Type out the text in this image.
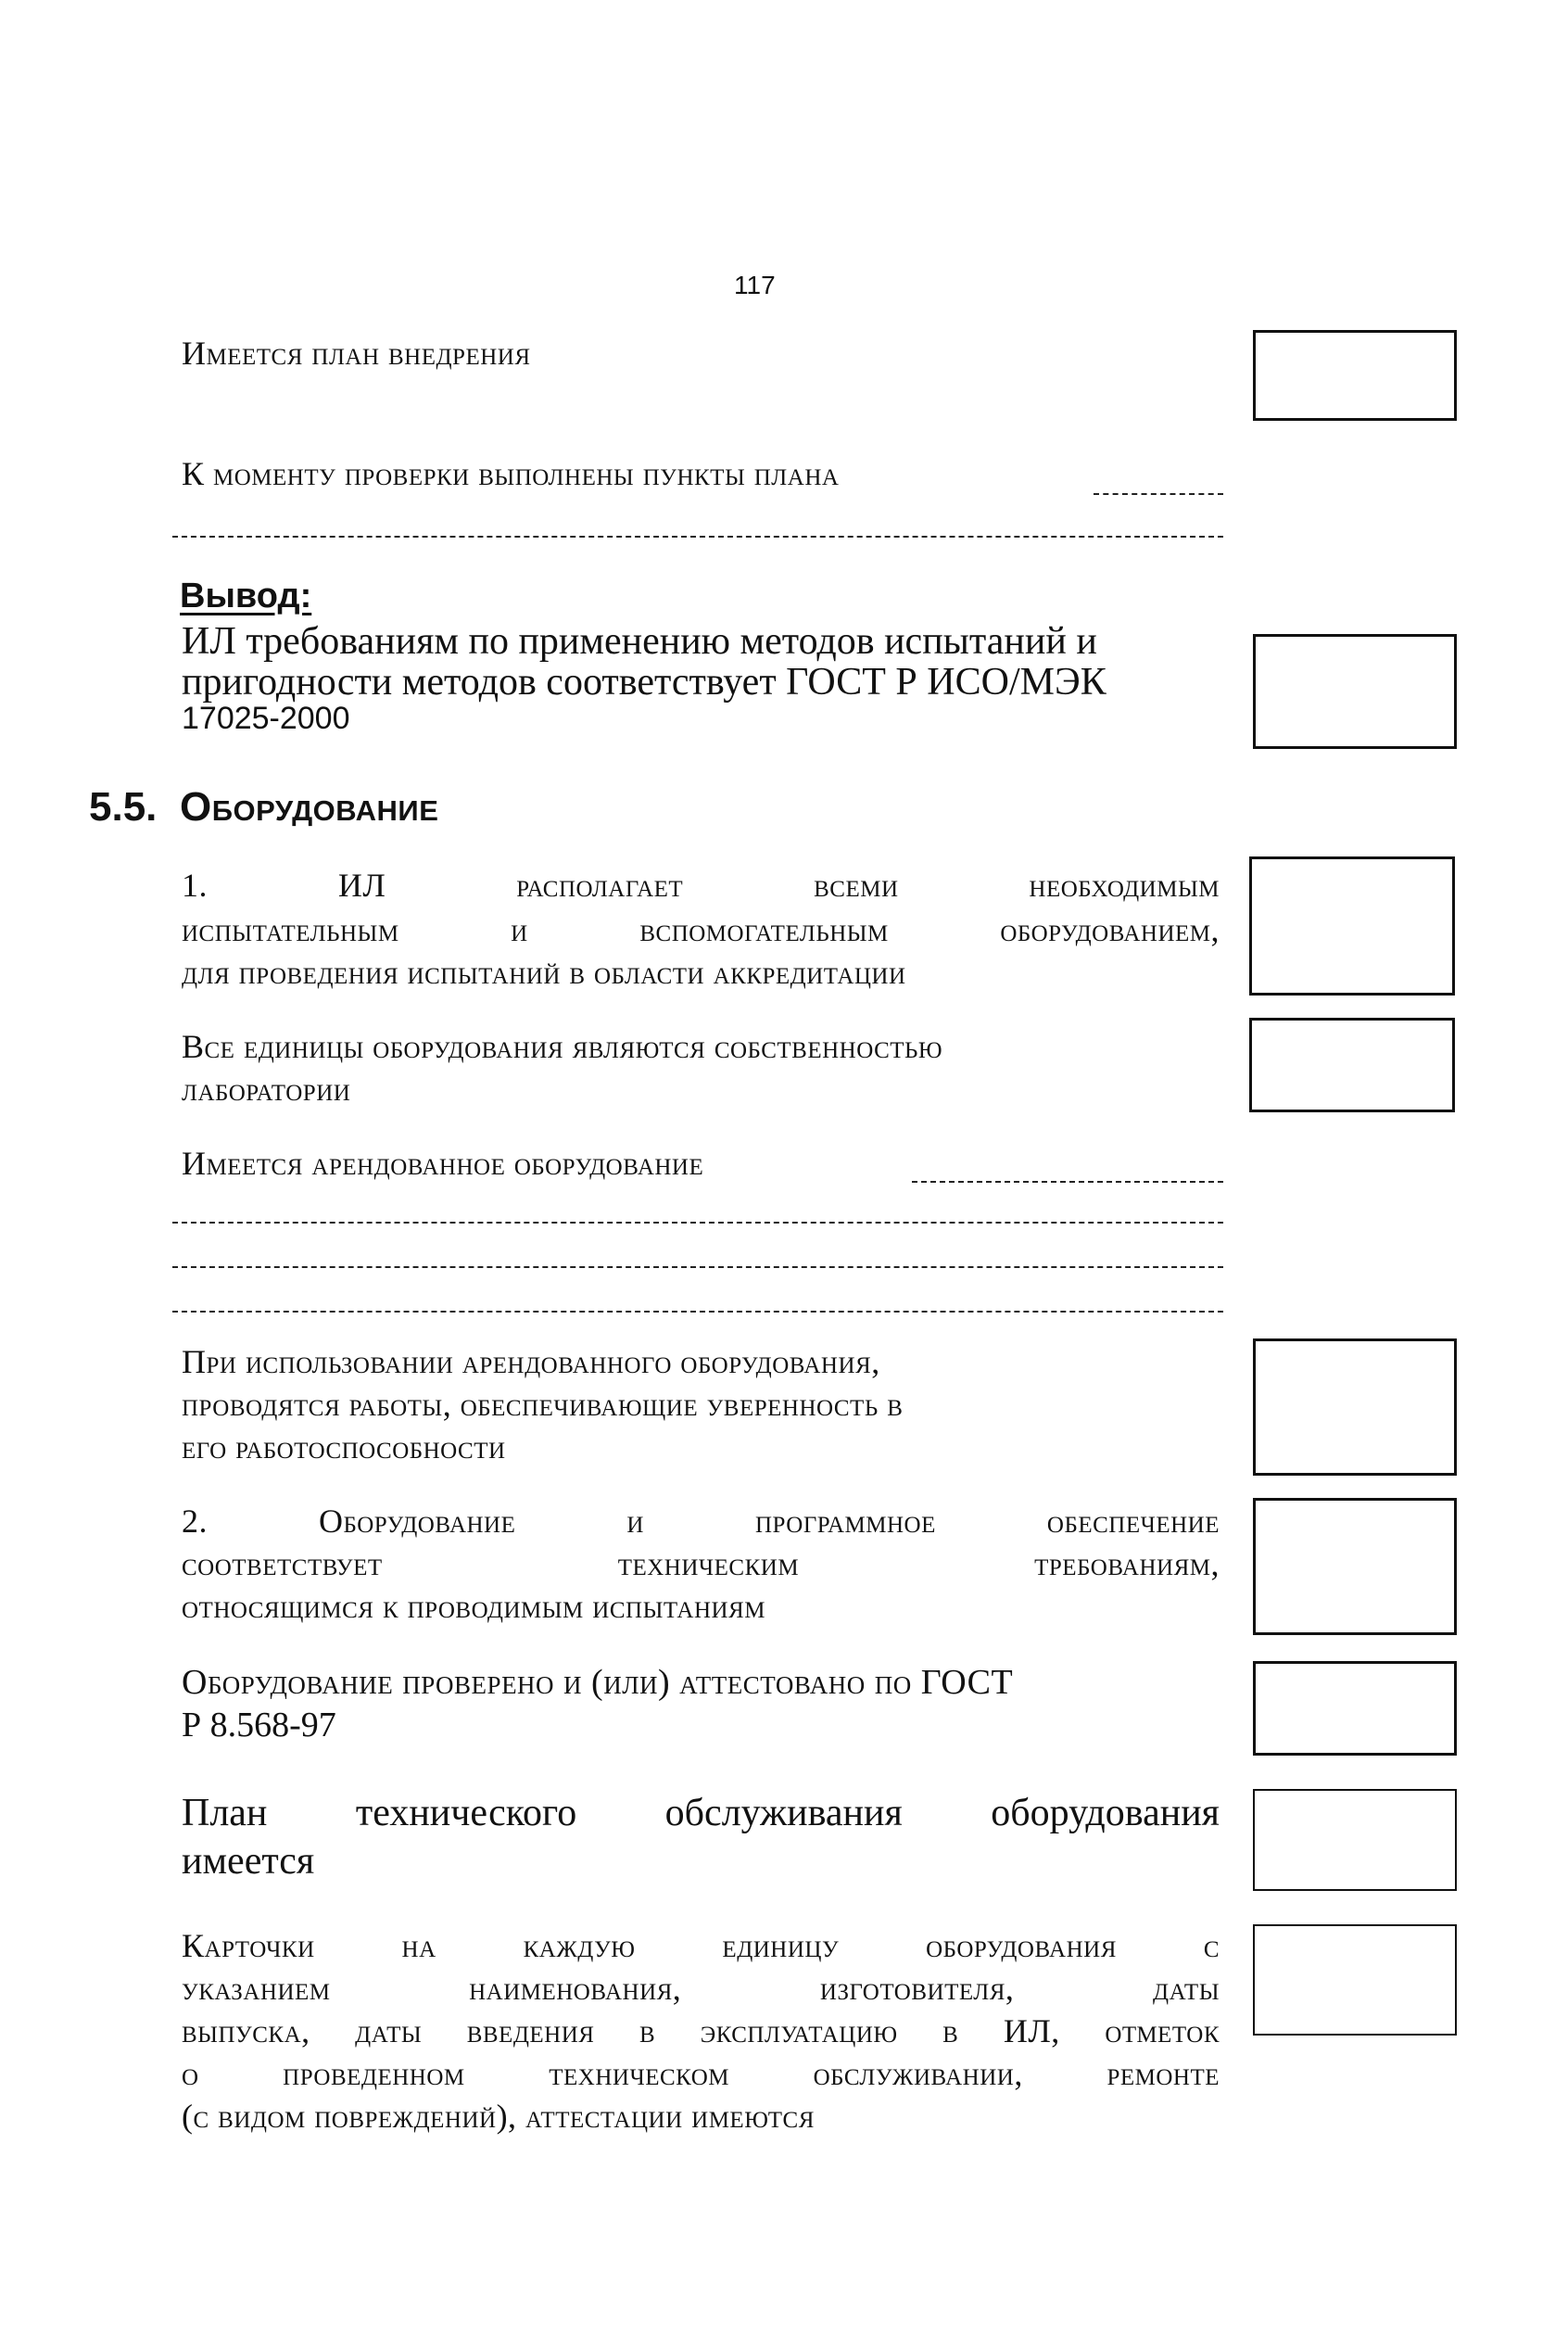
117
Имеется план внедрения
К моменту проверки выполнены пункты плана
Вывод:
ИЛ требованиям по применению методов испытаний и
пригодности методов соответствует ГОСТ Р ИСО/МЭК
17025-2000
5.5. Оборудование
1. ИЛ располагает всеми необходимым
испытательным и вспомогательным оборудованием,
для проведения испытаний в области аккредитации
Все единицы оборудования являются собственностью
лаборатории
Имеется арендованное оборудование
При использовании арендованного оборудования,
проводятся работы, обеспечивающие уверенность в
его работоспособности
2. Оборудование и программное обеспечение
соответствует техническим требованиям,
относящимся к проводимым испытаниям
Оборудование проверено и (или) аттестовано по ГОСТ
Р 8.568-97
План технического обслуживания оборудования
имеется
Карточки на каждую единицу оборудования с
указанием наименования, изготовителя, даты
выпуска, даты введения в эксплуатацию в ИЛ, отметок
о проведенном техническом обслуживании, ремонте
(с видом повреждений), аттестации имеются
